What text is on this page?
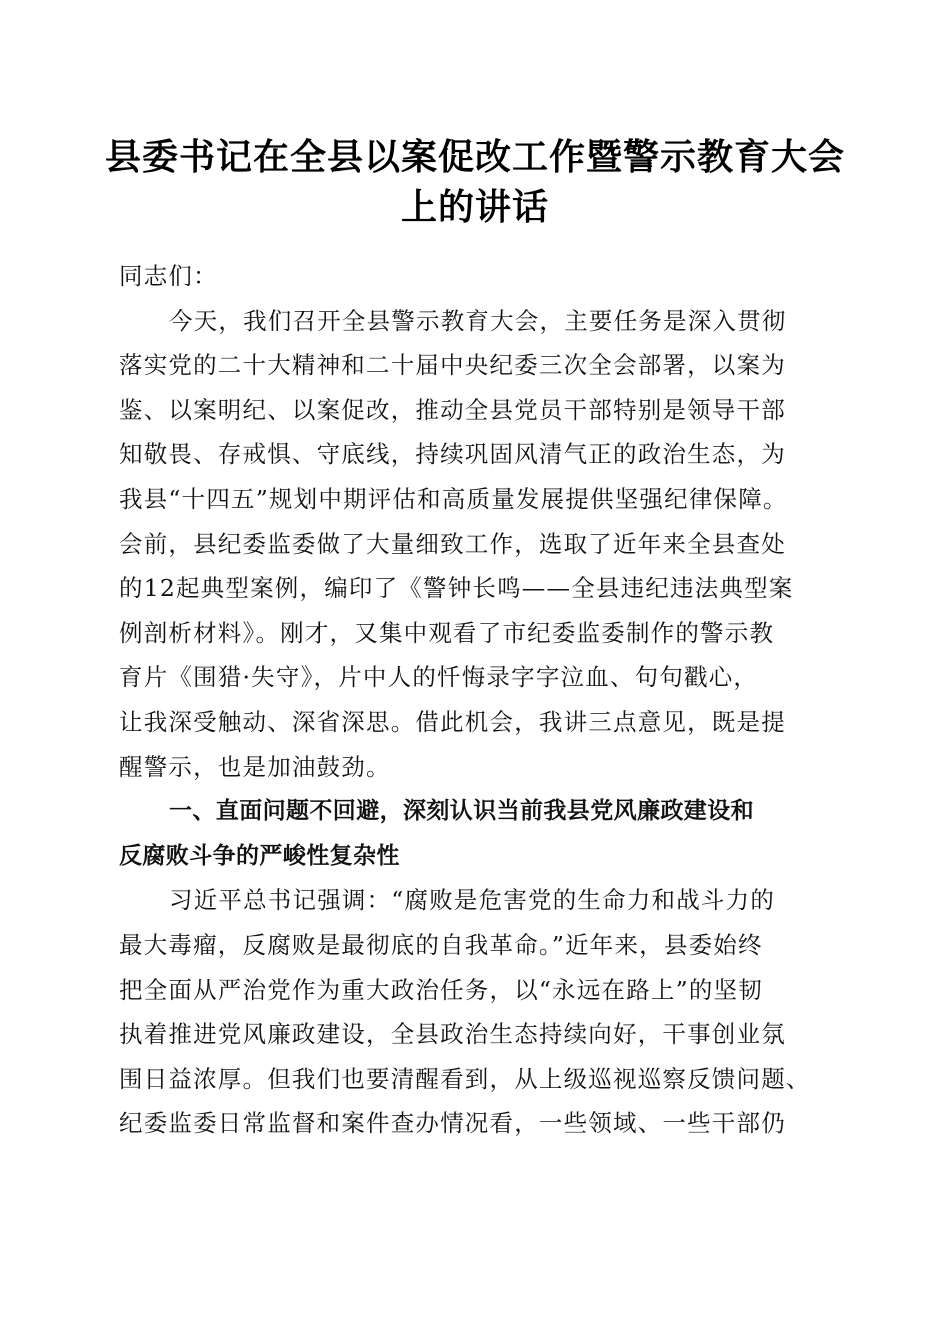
县委书记在全县以案促改工作暨警示教育大会
上的讲话
同志们：
今天，我们召开全县警示教育大会，主要任务是深入贯彻
落实党的二十大精神和二十届中央纪委三次全会部署，以案为
鉴、以案明纪、以案促改，推动全县党员干部特别是领导干部
知敬畏、存戒惧、守底线，持续巩固风清气正的政治生态，为
我县“十四五”规划中期评估和高质量发展提供坚强纪律保障。
会前，县纪委监委做了大量细致工作，选取了近年来全县查处
的12起典型案例，编印了《警钟长鸣——全县违纪违法典型案
例剖析材料》。刚才，又集中观看了市纪委监委制作的警示教
育片《围猎·失守》，片中人的忏悔录字字泣血、句句戳心，
让我深受触动、深省深思。借此机会，我讲三点意见，既是提
醒警示，也是加油鼓劲。
一、直面问题不回避，深刻认识当前我县党风廉政建设和
反腐败斗争的严峻性复杂性
习近平总书记强调：“腐败是危害党的生命力和战斗力的
最大毒瘤，反腐败是最彻底的自我革命。”近年来，县委始终
把全面从严治党作为重大政治任务，以“永远在路上”的坚韧
执着推进党风廉政建设，全县政治生态持续向好，干事创业氛
围日益浓厚。但我们也要清醒看到，从上级巡视巡察反馈问题、
纪委监委日常监督和案件查办情况看，一些领域、一些干部仍
